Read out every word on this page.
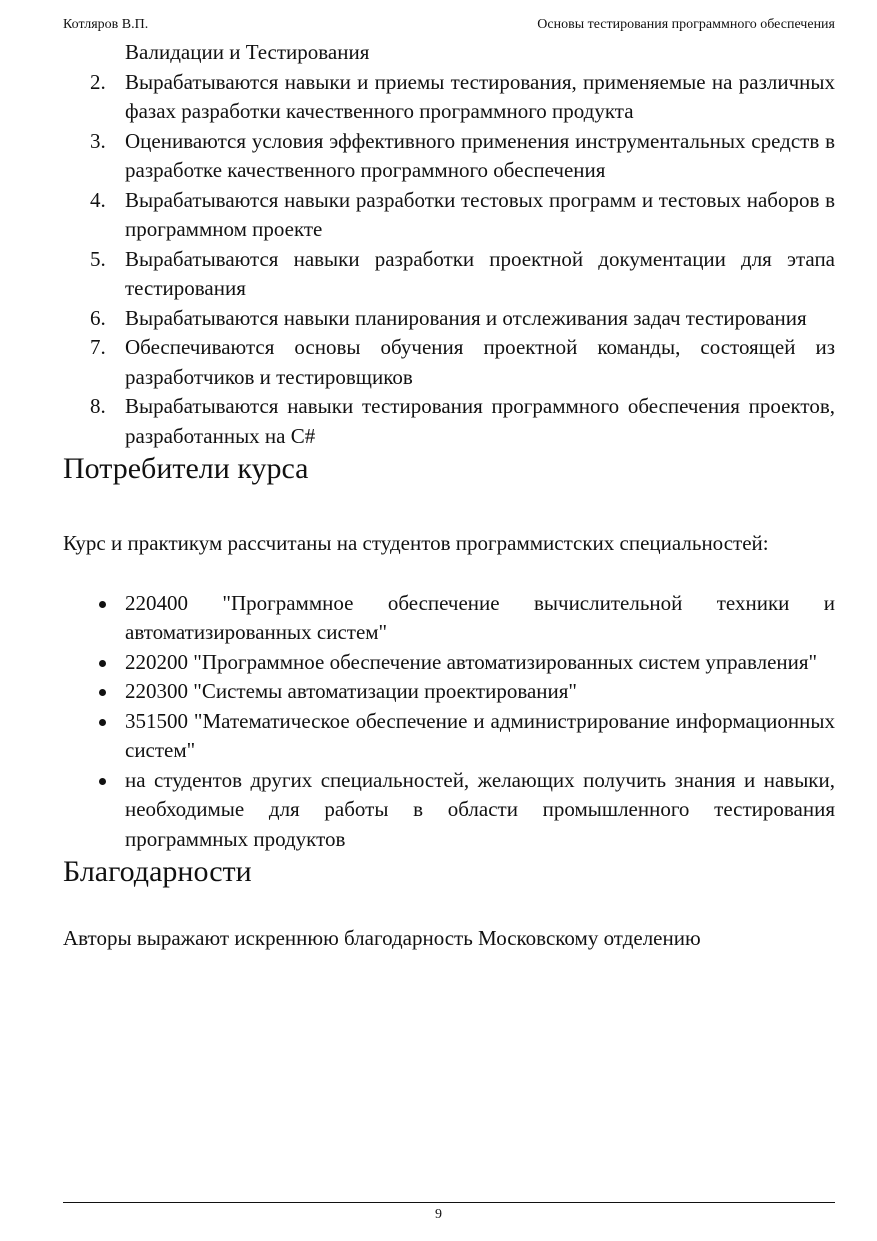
Котляров В.П.	Основы тестирования программного обеспечения
Валидации и Тестирования
2. Вырабатываются навыки и приемы тестирования, применяемые на различных фазах разработки качественного программного продукта
3. Оцениваются условия эффективного применения инструментальных средств в разработке качественного программного обеспечения
4. Вырабатываются навыки разработки тестовых программ и тестовых наборов в программном проекте
5. Вырабатываются навыки разработки проектной документации для этапа тестирования
6. Вырабатываются навыки планирования и отслеживания задач тестирования
7. Обеспечиваются основы обучения проектной команды, состоящей из разработчиков и тестировщиков
8. Вырабатываются навыки тестирования программного обеспечения проектов, разработанных на C#
Потребители курса

Курс и практикум рассчитаны на студентов программистских специальностей:

220400 "Программное обеспечение вычислительной техники и автоматизированных систем"
220200 "Программное обеспечение автоматизированных систем управления"
220300 "Системы автоматизации проектирования"
351500 "Математическое обеспечение и администрирование информационных систем"
на студентов других специальностей, желающих получить знания и навыки, необходимые для работы в области промышленного тестирования программных продуктов
Благодарности

Авторы выражают искреннюю благодарность Московскому отделению

9
